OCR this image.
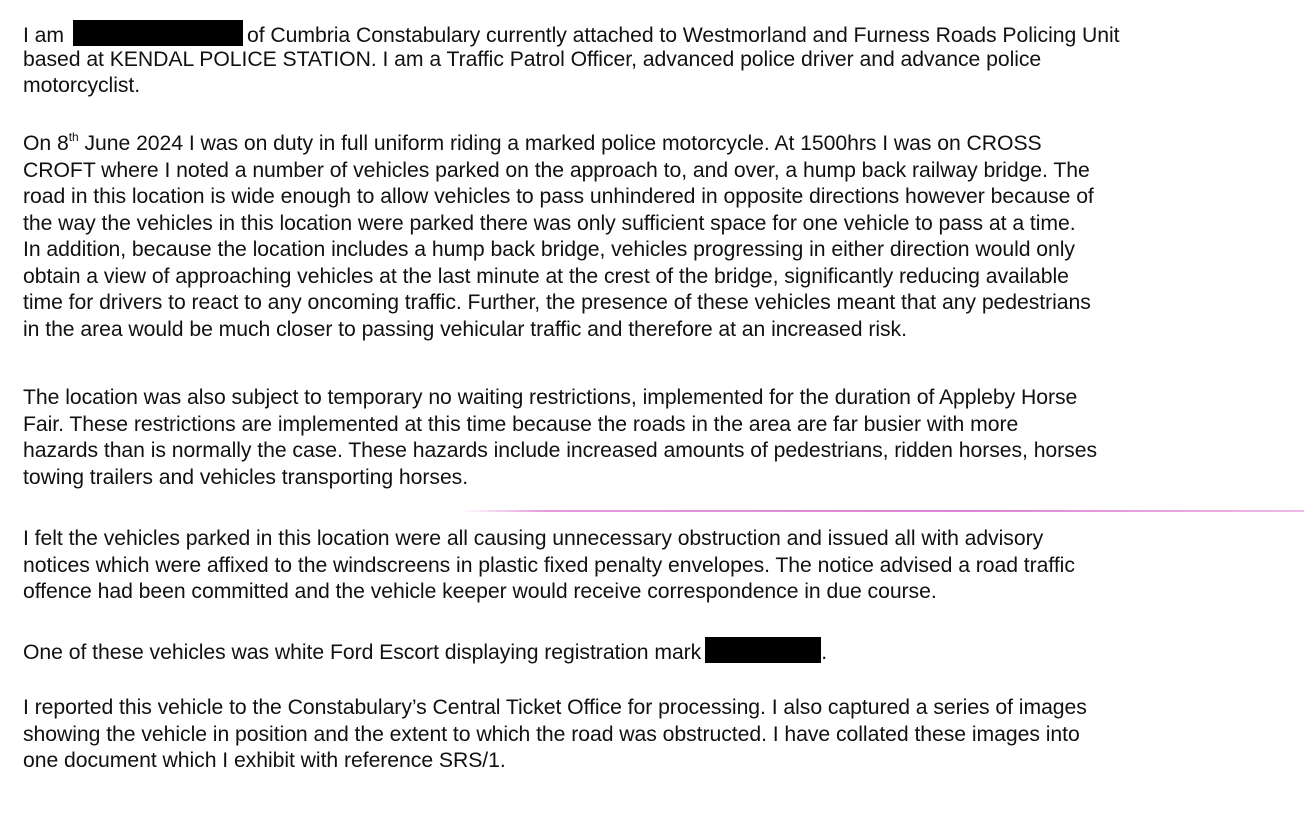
I am	of Cumbria Constabulary currently attached to Westmorland and Furness Roads Policing Unit
based at KENDAL POLICE STATION. I am a Traffic Patrol Officer, advanced police driver and advance police
motorcyclist.
On 8th June 2024 I was on duty in full uniform riding a marked police motorcycle. At 1500hrs I was on CROSS
CROFT where I noted a number of vehicles parked on the approach to, and over, a hump back railway bridge. The
road in this location is wide enough to allow vehicles to pass unhindered in opposite directions however because of
the way the vehicles in this location were parked there was only sufficient space for one vehicle to pass at a time.
In addition, because the location includes a hump back bridge, vehicles progressing in either direction would only
obtain a view of approaching vehicles at the last minute at the crest of the bridge, significantly reducing available
time for drivers to react to any oncoming traffic. Further, the presence of these vehicles meant that any pedestrians
in the area would be much closer to passing vehicular traffic and therefore at an increased risk.
The location was also subject to temporary no waiting restrictions, implemented for the duration of Appleby Horse
Fair. These restrictions are implemented at this time because the roads in the area are far busier with more
hazards than is normally the case. These hazards include increased amounts of pedestrians, ridden horses, horses
towing trailers and vehicles transporting horses.
I felt the vehicles parked in this location were all causing unnecessary obstruction and issued all with advisory
notices which were affixed to the windscreens in plastic fixed penalty envelopes. The notice advised a road traffic
offence had been committed and the vehicle keeper would receive correspondence in due course.
One of these vehicles was white Ford Escort displaying registration mark	.
I reported this vehicle to the Constabulary’s Central Ticket Office for processing. I also captured a series of images
showing the vehicle in position and the extent to which the road was obstructed. I have collated these images into
one document which I exhibit with reference SRS/1.
